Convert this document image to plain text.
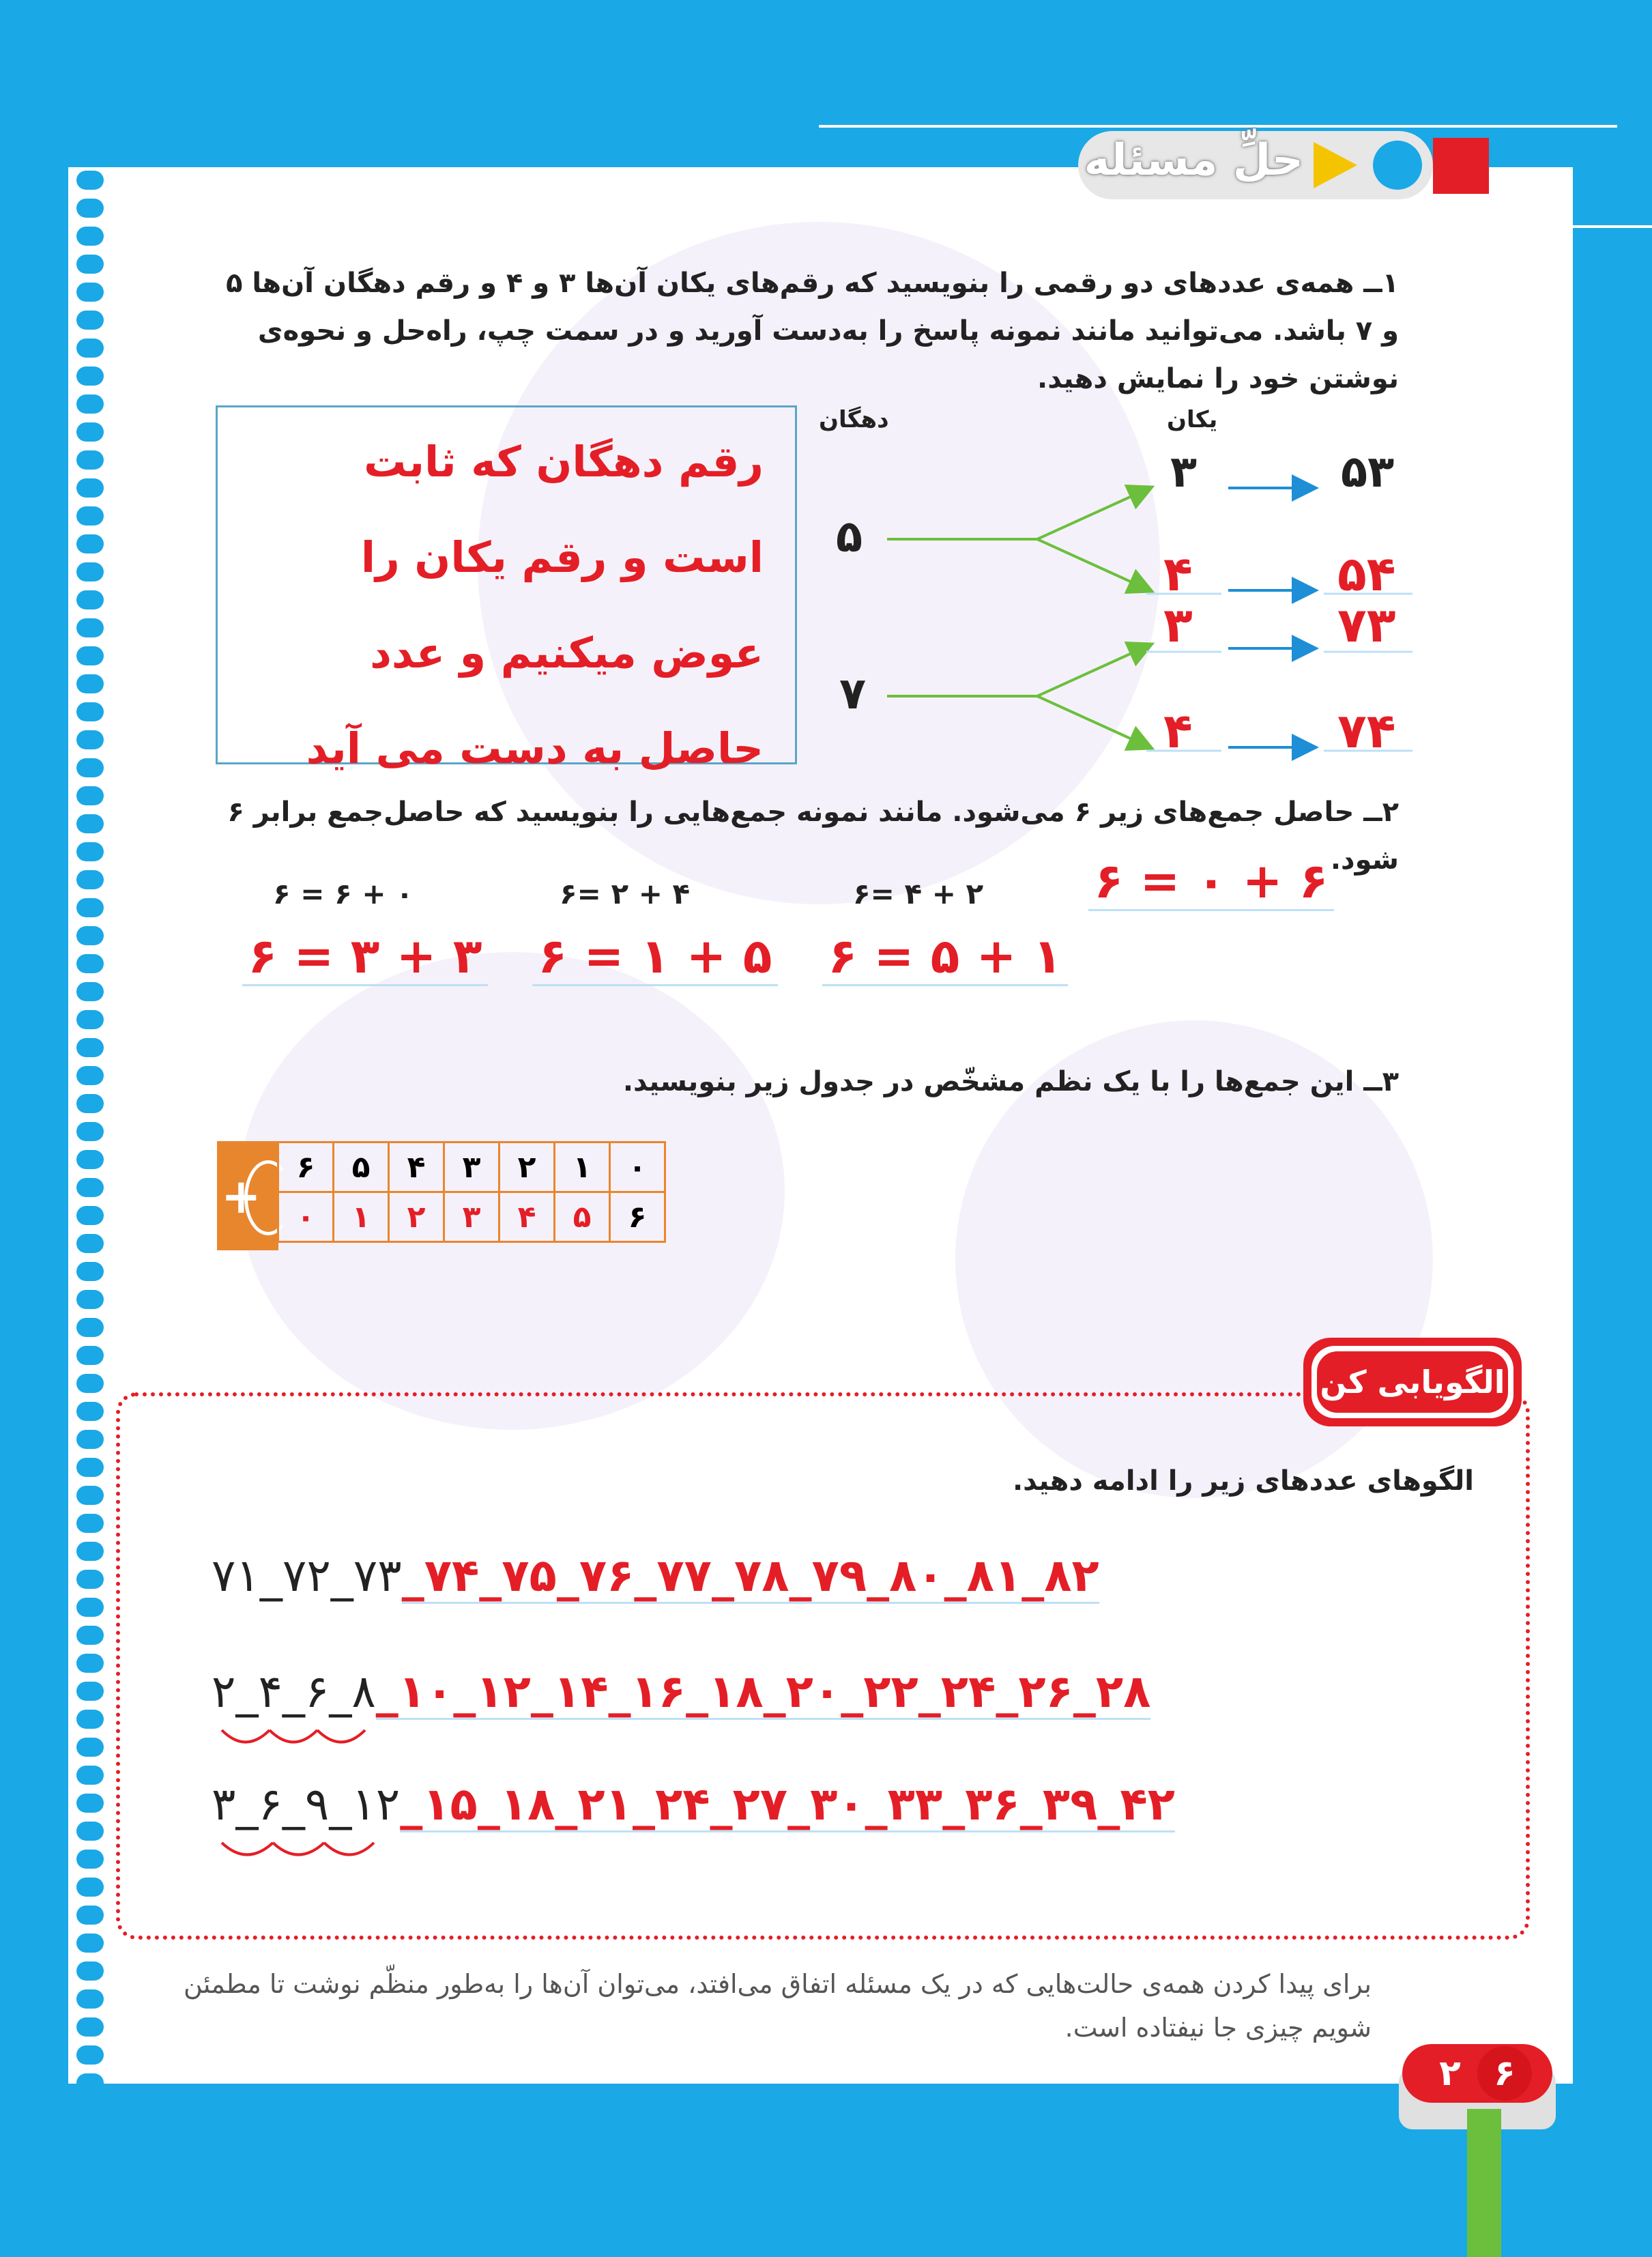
حلِّ مسئله
۱ــ همه‌ی عددهای دو رقمی را بنویسید که رقم‌های یکان آن‌ها ۳ و ۴ و رقم دهگان آن‌ها ۵ و ۷ باشد. می‌توانید مانند نمونه پاسخ را به‌دست آورید و در سمت چپ، راه‌حل و نحوه‌ی نوشتن خود را نمایش دهید.
رقم دهگان که ثابت
است و رقم یکان را
عوض میکنیم و عدد
حاصل به دست می آید
دهگان	یکان
۵
۷
۳
۴
۳
۴
۵۳
۵۴
۷۳
۷۴
۲ــ حاصل جمع‌های زیر ۶ می‌شود. مانند نمونه جمع‌هایی را بنویسید که حاصل‌جمع برابر ۶ شود.
۰ + ۶ = ۶	۴ + ۲ =۶	۲ + ۴ =۶ ۶ + ۰ = ۶
۱ + ۵ = ۶
۵ + ۱ = ۶
۳ + ۳ = ۶
۳ــ این جمع‌ها را با یک نظم مشخّص در جدول زیر بنویسید.
+
۰	۱	۲	۳	۴	۵	۶
۶	۵	۴	۳	۲	۱	۰
الگویابی کن
الگوهای عددهای زیر را ادامه دهید.
۷۱_۷۲_۷۳_۷۴_۷۵_۷۶_۷۷_۷۸_۷۹_۸۰_۸۱_۸۲
۲_۴_۶_۸_۱۰_۱۲_۱۴_۱۶_۱۸_۲۰_۲۲_۲۴_۲۶_۲۸
۳_۶_۹_۱۲_۱۵_۱۸_۲۱_۲۴_۲۷_۳۰_۳۳_۳۶_۳۹_۴۲
برای پیدا کردن همه‌ی حالت‌هایی که در یک مسئله اتفاق می‌افتد، می‌توان آن‌ها را به‌طور منظّم نوشت تا مطمئن شویم چیزی جا نیفتاده است.
۶
۲
